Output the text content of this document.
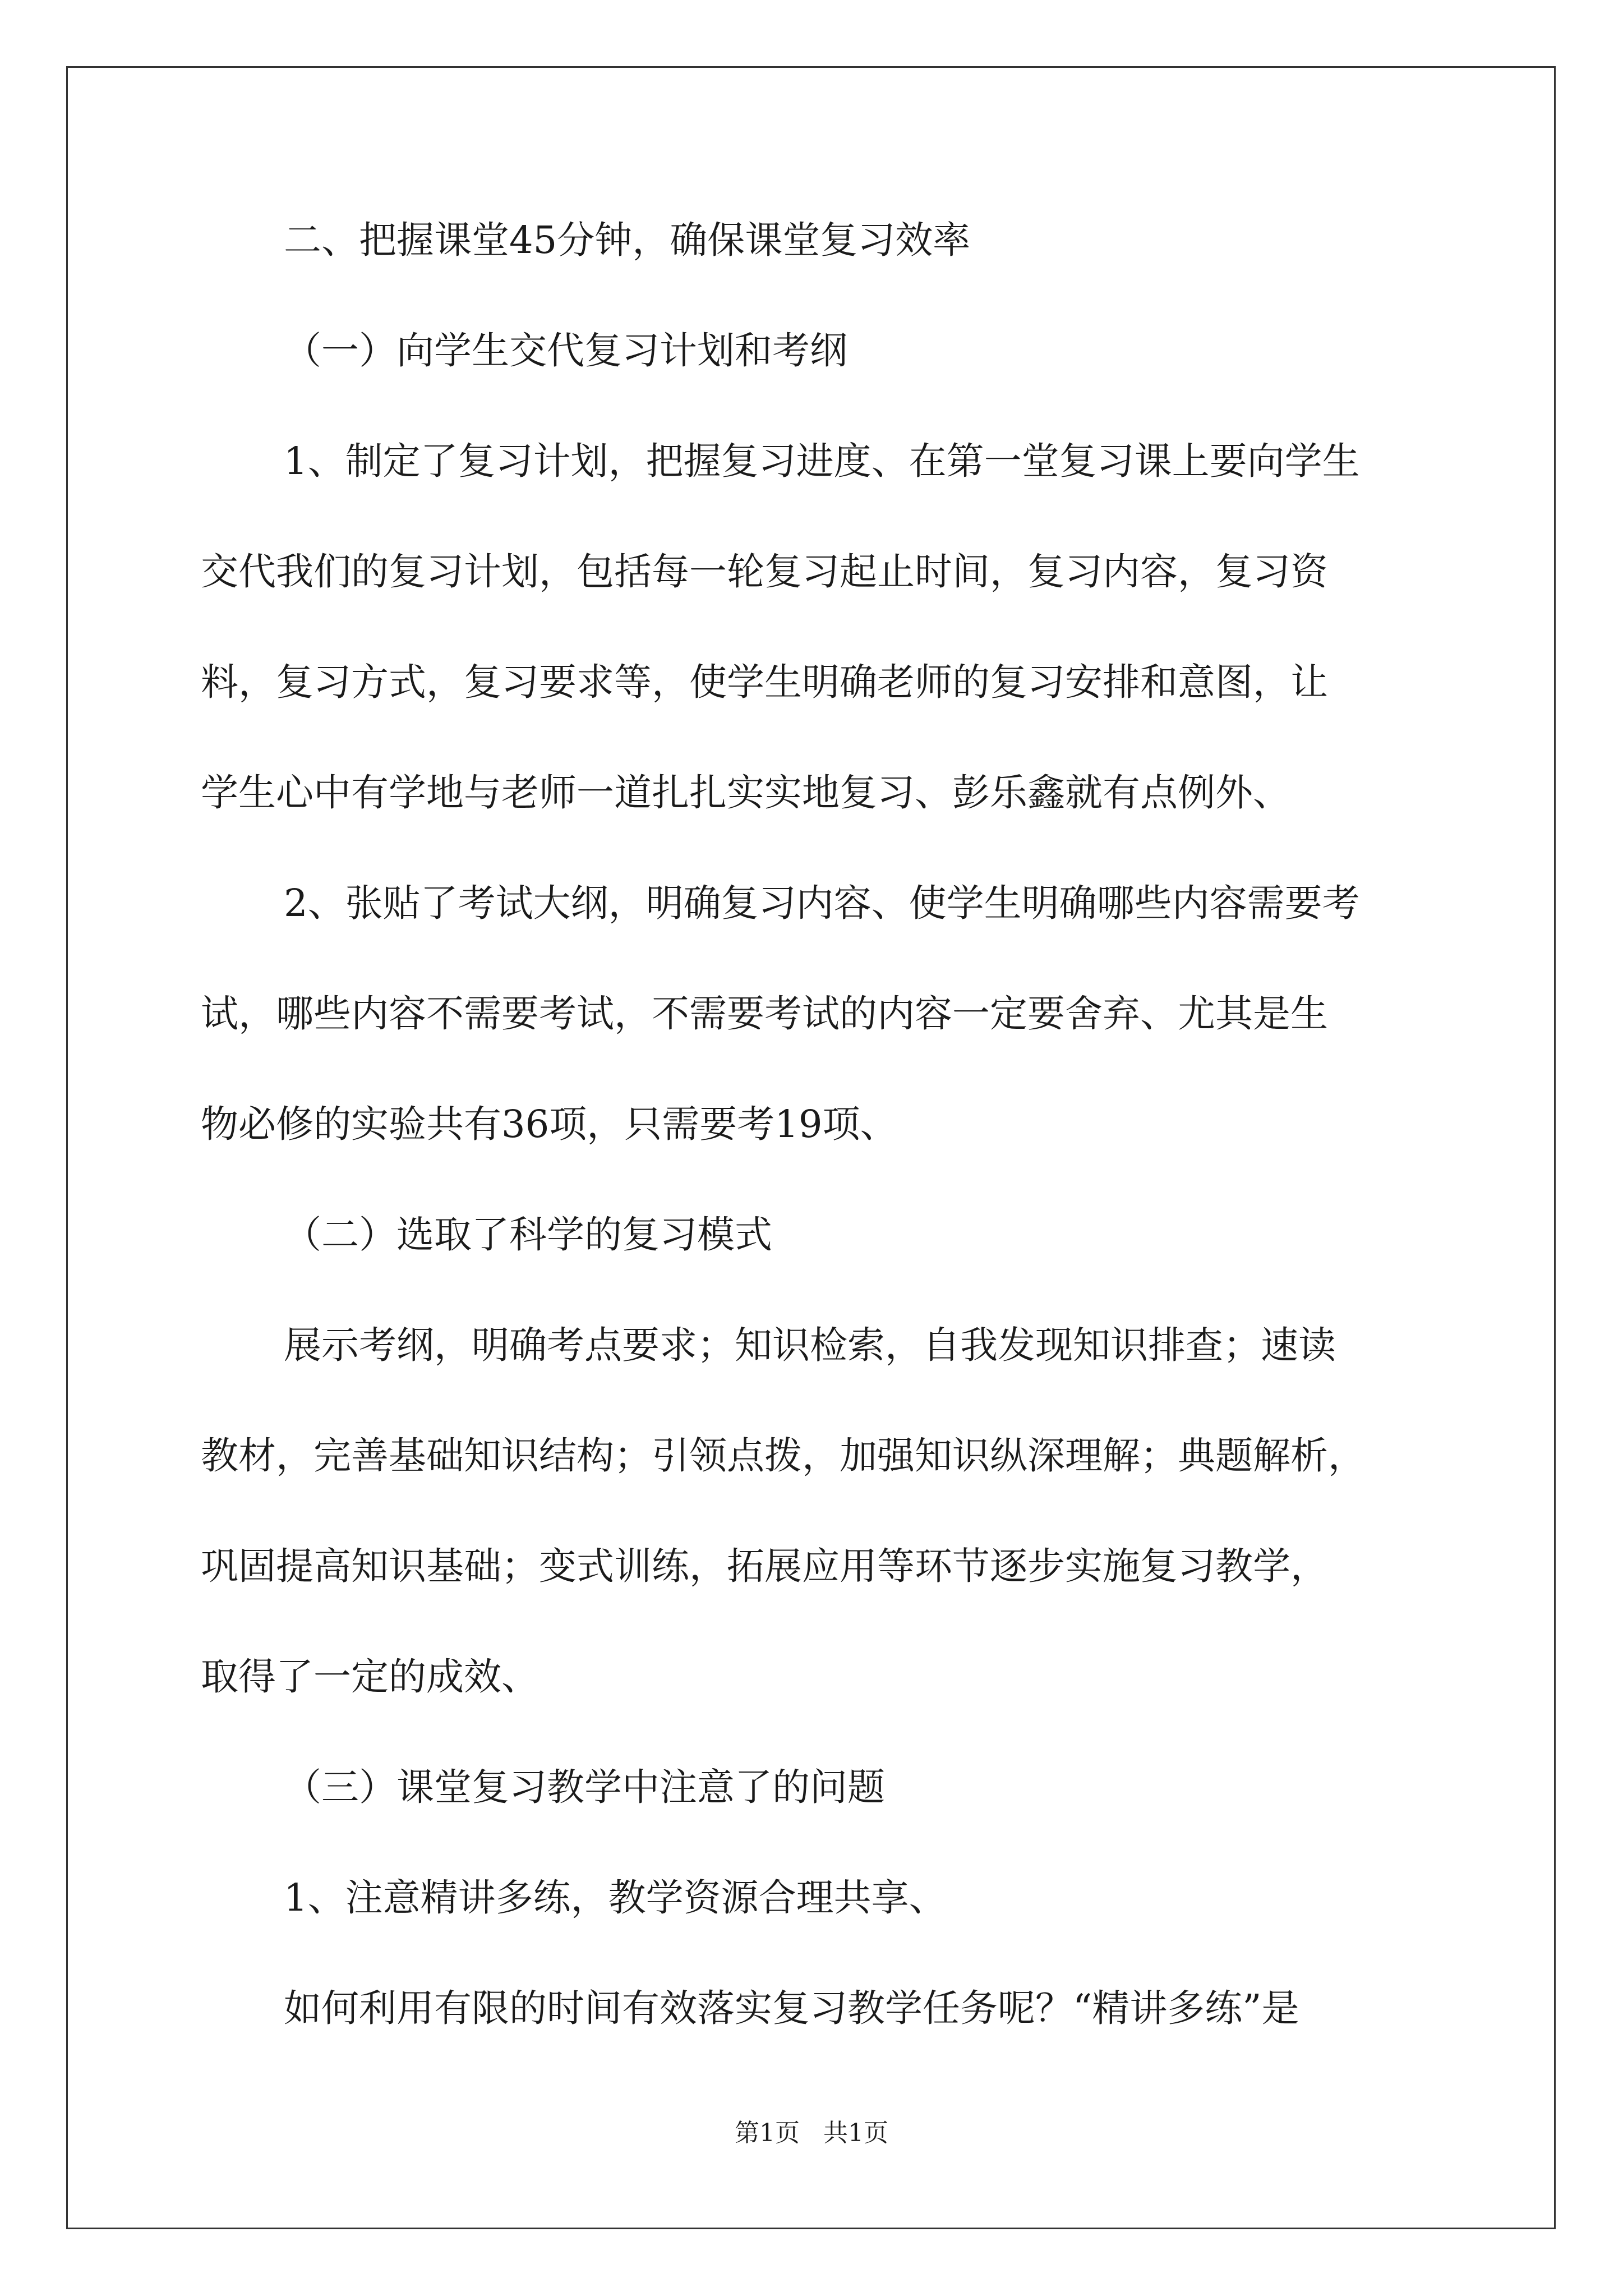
二、把握课堂45分钟，确保课堂复习效率
（一）向学生交代复习计划和考纲
1、制定了复习计划，把握复习进度、在第一堂复习课上要向学生
交代我们的复习计划，包括每一轮复习起止时间，复习内容，复习资
料，复习方式，复习要求等，使学生明确老师的复习安排和意图，让
学生心中有学地与老师一道扎扎实实地复习、彭乐鑫就有点例外、
2、张贴了考试大纲，明确复习内容、使学生明确哪些内容需要考
试，哪些内容不需要考试，不需要考试的内容一定要舍弃、尤其是生
物必修的实验共有36项，只需要考19项、
（二）选取了科学的复习模式
展示考纲，明确考点要求；知识检索，自我发现知识排查；速读
教材，完善基础知识结构；引领点拨，加强知识纵深理解；典题解析，
巩固提高知识基础；变式训练，拓展应用等环节逐步实施复习教学，
取得了一定的成效、
（三）课堂复习教学中注意了的问题
1、注意精讲多练，教学资源合理共享、
如何利用有限的时间有效落实复习教学任务呢？“精讲多练”是
第1页 共1页
